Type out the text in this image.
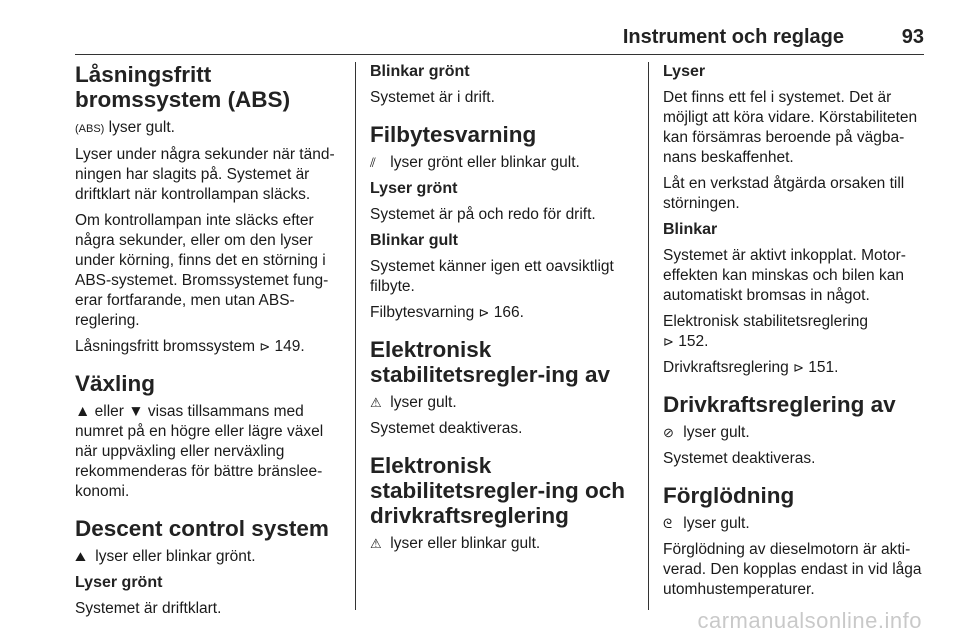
Instrument och reglage	93
Låsningsfritt bromssystem (ABS)

(ABS) lyser gult.

Lyser under några sekunder när tänd-ningen har slagits på. Systemet är driftklart när kontrollampan släcks.

Om kontrollampan inte släcks efter några sekunder, eller om den lyser under körning, finns det en störning i ABS-systemet. Bromssystemet fung-erar fortfarande, men utan ABS-reglering.

Låsningsfritt bromssystem ⊳ 149.

Växling

▲ eller ▼ visas tillsammans med numret på en högre eller lägre växel när uppväxling eller nerväxling rekommenderas för bättre bränslee-konomi.

Descent control system

⛰ lyser eller blinkar grönt.

Lyser grönt

Systemet är driftklart.

Blinkar grönt

Systemet är i drift.

Filbytesvarning

⫽ lyser grönt eller blinkar gult.

Lyser grönt

Systemet är på och redo för drift.

Blinkar gult

Systemet känner igen ett oavsiktligt filbyte.

Filbytesvarning ⊳ 166.

Elektronisk stabilitetsregler-ing av

⚠ lyser gult.

Systemet deaktiveras.

Elektronisk stabilitetsregler-ing och drivkraftsreglering

⚠ lyser eller blinkar gult.

Lyser

Det finns ett fel i systemet. Det är möjligt att köra vidare. Körstabiliteten kan försämras beroende på vägba-nans beskaffenhet.

Låt en verkstad åtgärda orsaken till störningen.

Blinkar

Systemet är aktivt inkopplat. Motor-effekten kan minskas och bilen kan automatiskt bromsas in något.

Elektronisk stabilitetsreglering
⊳ 152.

Drivkraftsreglering ⊳ 151.

Drivkraftsreglering av

⊘ lyser gult.

Systemet deaktiveras.

Förglödning

ᘓ lyser gult.

Förglödning av dieselmotorn är akti-verad. Den kopplas endast in vid låga utomhustemperaturer.

carmanualsonline.info
